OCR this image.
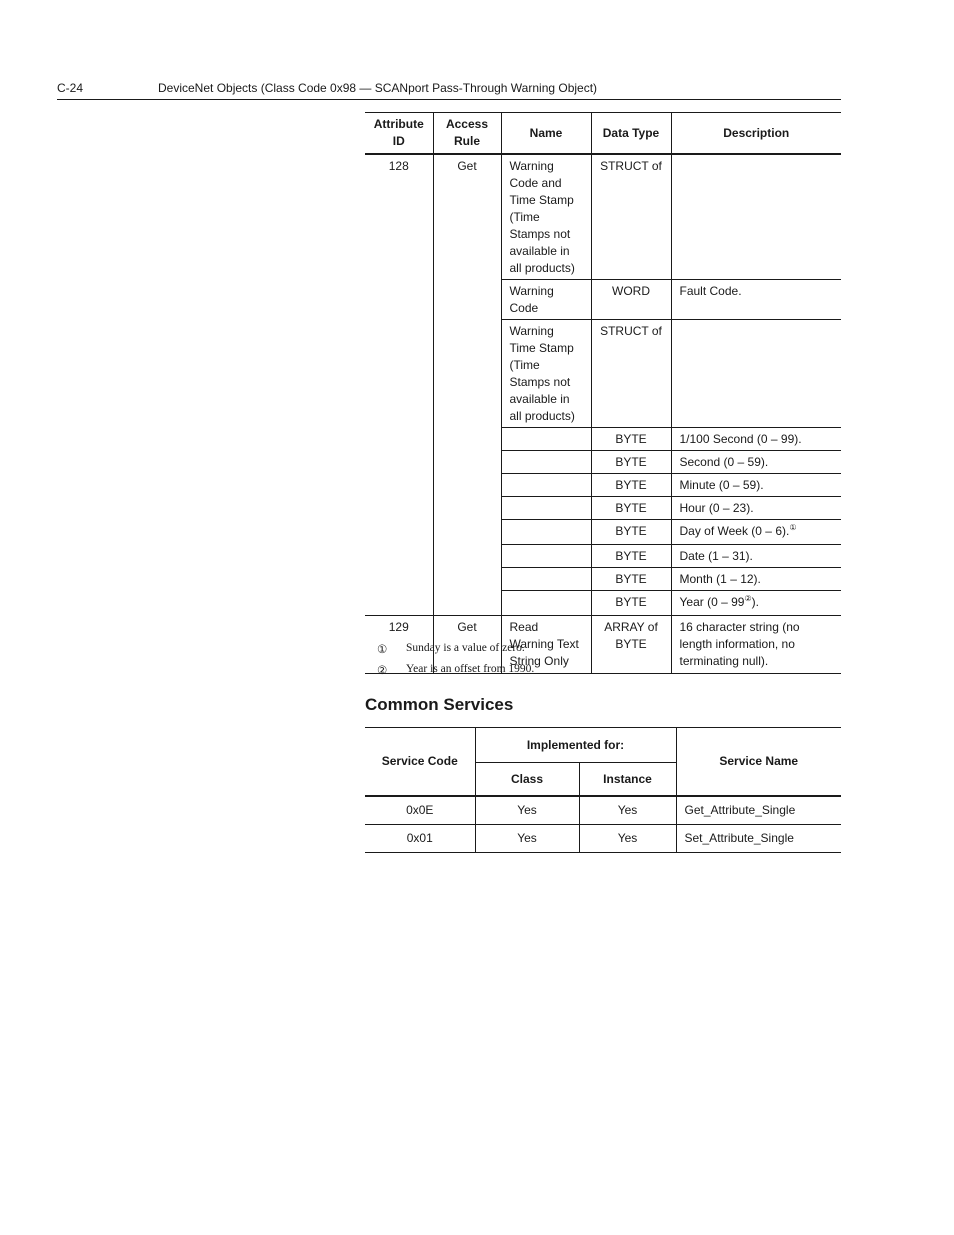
C-24	DeviceNet Objects (Class Code 0x98 — SCANport Pass-Through Warning Object)
Attribute ID	Access Rule	Name	Data Type	Description
128	Get	Warning Code and Time Stamp (Time Stamps not available in all products)	STRUCT of	
		Warning Code	WORD	Fault Code.
		Warning Time Stamp (Time Stamps not available in all products)	STRUCT of	
			BYTE	1/100 Second (0 – 99).
			BYTE	Second (0 – 59).
			BYTE	Minute (0 – 59).
			BYTE	Hour (0 – 23).
			BYTE	Day of Week (0 – 6).①
			BYTE	Date (1 – 31).
			BYTE	Month (1 – 12).
			BYTE	Year (0 – 99②).
129	Get	Read Warning Text String Only	ARRAY of BYTE	16 character string (no length information, no terminating null).
① Sunday is a value of zero.
② Year is an offset from 1990.
Common Services
Service Code	Implemented for:		Service Name
	Class	Instance	
0x0E	Yes	Yes	Get_Attribute_Single
0x01	Yes	Yes	Set_Attribute_Single
